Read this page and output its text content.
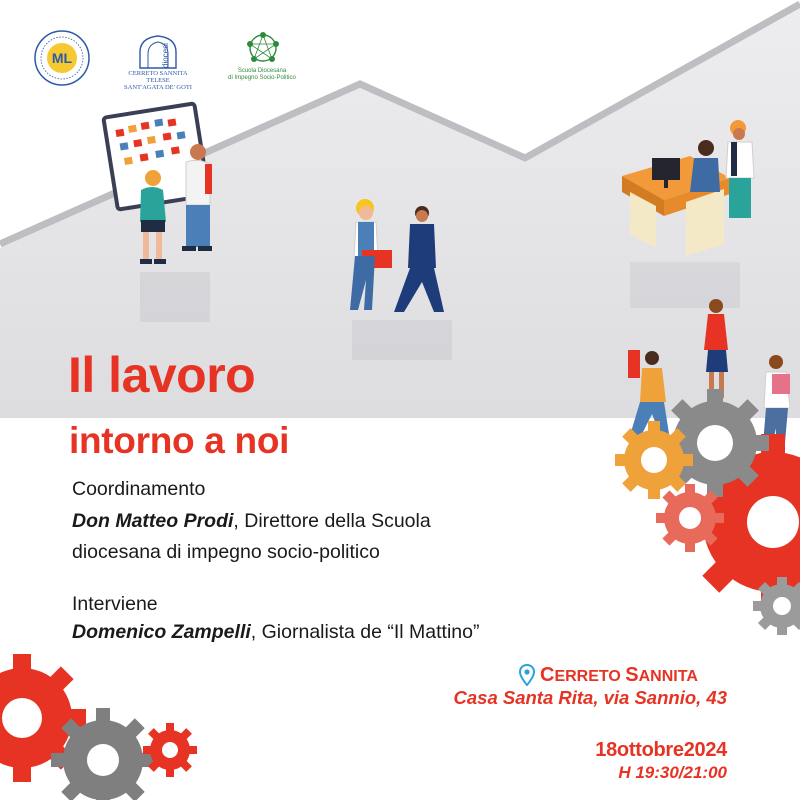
ML	diocesi
CERRETO SANNITA
TELESE
SANT'AGATA DE' GOTI
Scuola Diocesana
di Impegno Socio-Politico
Il lavoro
intorno a noi
Coordinamento
Don Matteo Prodi, Direttore della Scuola
diocesana di impegno socio-politico
Interviene
Domenico Zampelli, Giornalista de “Il Mattino”
CERRETO SANNITA
Casa Santa Rita, via Sannio, 43
18ottobre2024
H 19:30/21:00
